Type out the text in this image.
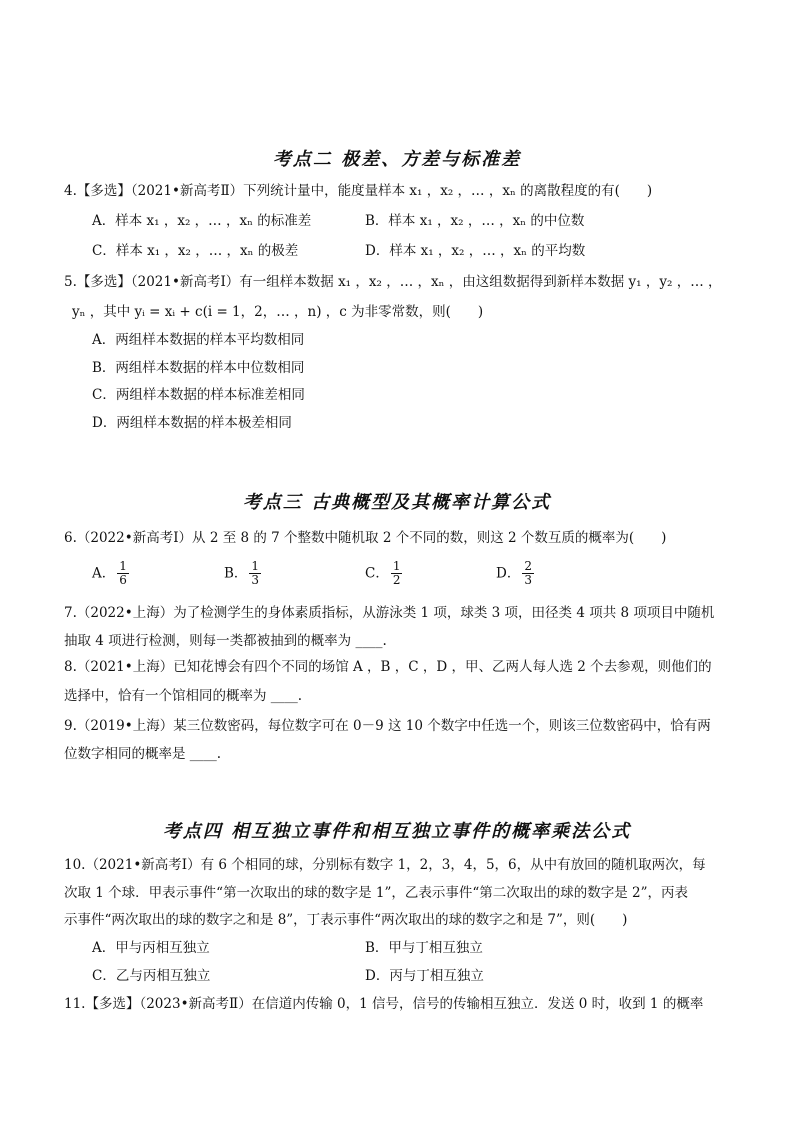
考点二 极差、方差与标准差
4.【多选】（2021•新高考Ⅱ）下列统计量中，能度量样本 x₁ ，x₂ ，… ，xₙ 的离散程度的有(　　)
A．样本 x₁ ，x₂ ，… ，xₙ 的标准差	B．样本 x₁ ，x₂ ，… ，xₙ 的中位数
C．样本 x₁ ，x₂ ，… ，xₙ 的极差	D．样本 x₁ ，x₂ ，… ，xₙ 的平均数
5.【多选】（2021•新高考Ⅰ）有一组样本数据 x₁ ，x₂ ，… ，xₙ ，由这组数据得到新样本数据 y₁ ，y₂ ，… ，
yₙ ，其中 yᵢ = xᵢ + c(i = 1，2，… ，n) ，c 为非零常数，则(　　)
A．两组样本数据的样本平均数相同
B．两组样本数据的样本中位数相同
C．两组样本数据的样本标准差相同
D．两组样本数据的样本极差相同
考点三 古典概型及其概率计算公式
6.（2022•新高考Ⅰ）从 2 至 8 的 7 个整数中随机取 2 个不同的数，则这 2 个数互质的概率为(　　)
A． $\frac{1}{6}$	B． $\frac{1}{3}$	C． $\frac{1}{2}$	D． $\frac{2}{3}$
7.（2022•上海）为了检测学生的身体素质指标，从游泳类 1 项，球类 3 项，田径类 4 项共 8 项项目中随机
抽取 4 项进行检测，则每一类都被抽到的概率为 ____.
8.（2021•上海）已知花博会有四个不同的场馆 A ，B ，C ，D ，甲、乙两人每人选 2 个去参观，则他们的
选择中，恰有一个馆相同的概率为 ____.
9.（2019•上海）某三位数密码，每位数字可在 0－9 这 10 个数字中任选一个，则该三位数密码中，恰有两
位数字相同的概率是 ____.
考点四 相互独立事件和相互独立事件的概率乘法公式
10.（2021•新高考Ⅰ）有 6 个相同的球，分别标有数字 1，2，3，4，5，6，从中有放回的随机取两次，每
次取 1 个球．甲表示事件“第一次取出的球的数字是 1”，乙表示事件“第二次取出的球的数字是 2”，丙表
示事件“两次取出的球的数字之和是 8”，丁表示事件“两次取出的球的数字之和是 7”，则(　　)
A．甲与丙相互独立	B．甲与丁相互独立
C．乙与丙相互独立	D．丙与丁相互独立
11.【多选】（2023•新高考Ⅱ）在信道内传输 0，1 信号，信号的传输相互独立．发送 0 时，收到 1 的概率
